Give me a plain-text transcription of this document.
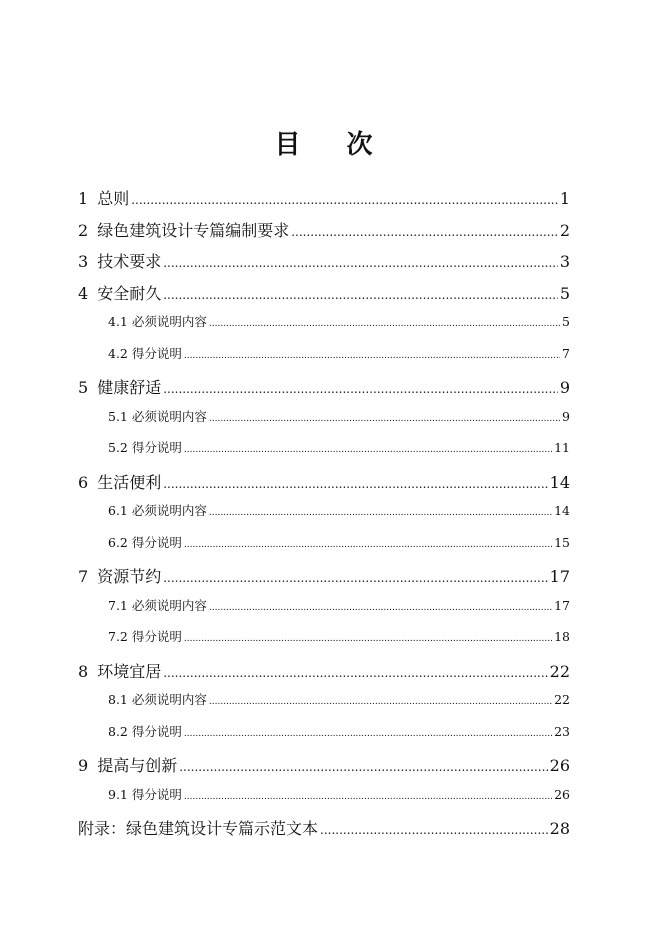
目 次
1 总则 .....	1
2 绿色建筑设计专篇编制要求 .....	2
3 技术要求 .....	3
4 安全耐久 .....	5
4.1 必须说明内容 .....	5
4.2 得分说明 .....	7
5 健康舒适 .....	9
5.1 必须说明内容 .....	9
5.2 得分说明 .....	11
6 生活便利 .....	14
6.1 必须说明内容 .....	14
6.2 得分说明 .....	15
7 资源节约 .....	17
7.1 必须说明内容 .....	17
7.2 得分说明 .....	18
8 环境宜居 .....	22
8.1 必须说明内容 .....	22
8.2 得分说明 .....	23
9 提高与创新 .....	26
9.1 得分说明 .....	26
附录：绿色建筑设计专篇示范文本 .....	28
